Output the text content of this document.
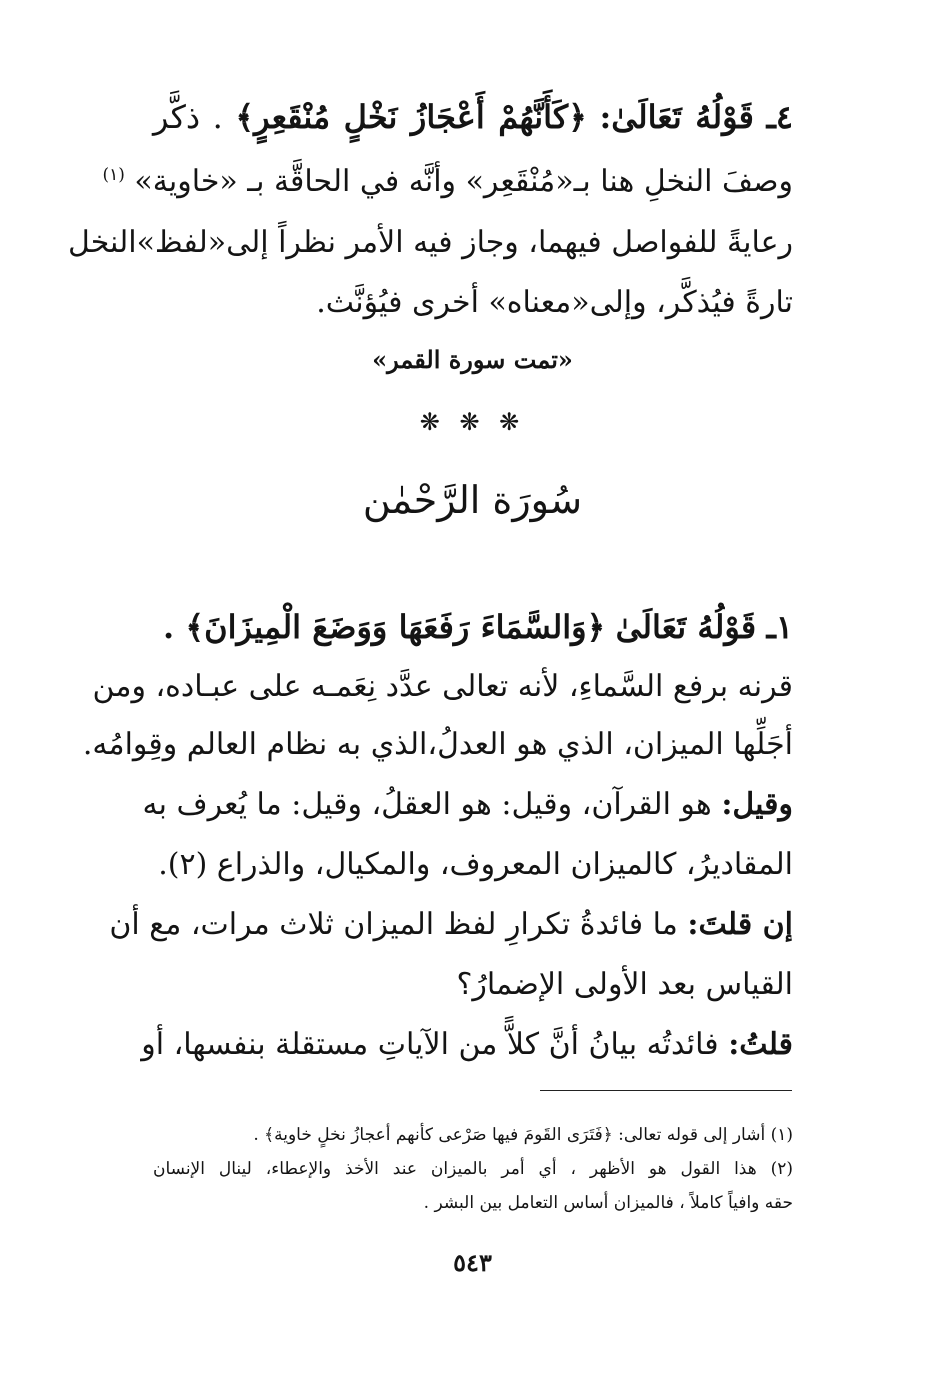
٤ـ قَوْلُهُ تَعَالَىٰ: ﴿كَأَنَّهُمْ أَعْجَازُ نَخْلٍ مُنْقَعِرٍ﴾ . ذكَّر
وصفَ النخلِ هنا بـ«مُنْقَعِر» وأنَّه في الحاقَّة بـ «خاوية» $^{(١)}$
رعايةً للفواصل فيهما، وجاز فيه الأمر نظراً إلى«لفظ»النخل
تارةً فيُذكَّر، وإلى«معناه» أخرى فيُؤنَّث.
«تمت سورة القمر»
❋ ❋ ❋
سُورَة الرَّحْمٰن
١ـ قَوْلُهُ تَعَالَىٰ ﴿وَالسَّمَاءَ رَفَعَهَا وَوَضَعَ الْمِيزَانَ﴾ .
قرنه برفع السَّماءِ، لأنه تعالى عدَّد نِعَمـه على عبـاده، ومن
أجَلِّها الميزان، الذي هو العدلُ،الذي به نظام العالم وقِوامُه.
وقيل: هو القرآن، وقيل: هو العقلُ، وقيل: ما يُعرف به
المقاديرُ، كالميزان المعروف، والمكيال، والذراع (٢).
إن قلتَ: ما فائدةُ تكرارِ لفظ الميزان ثلاث مرات، مع أن
القياس بعد الأولى الإضمارُ؟
قلتُ: فائدتُه بيانُ أنَّ كلاًّ من الآياتِ مستقلة بنفسها، أو
(١) أشار إلى قوله تعالى: ﴿فَتَرَى القَومَ فيها صَرْعى كأنهم أعجازُ نخلٍ خاوية﴾ .
(٢) هذا القول هو الأظهر ، أي أمر بالميزان عند الأخذ والإعطاء، لينال الإنسان
حقه وافياً كاملاً ، فالميزان أساس التعامل بين البشر .
٥٤٣
